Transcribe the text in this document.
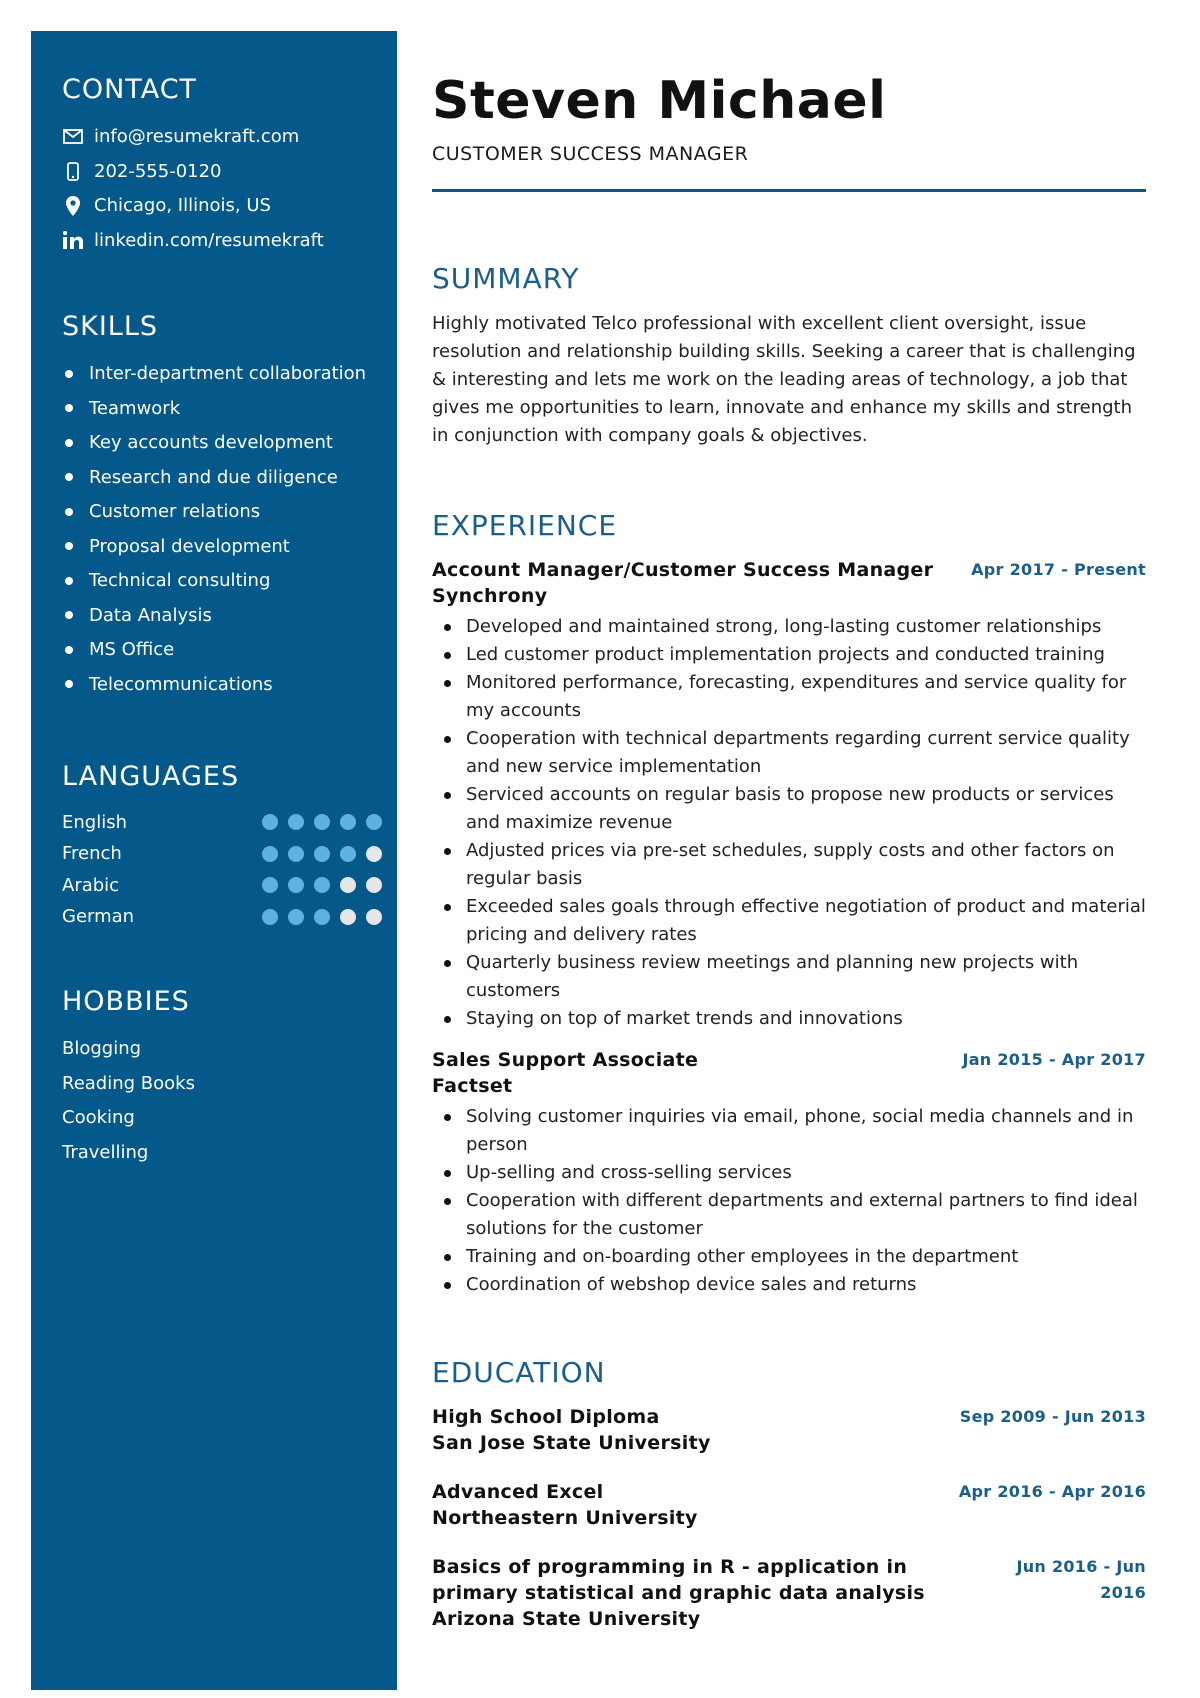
CONTACT
info@resumekraft.com
202-555-0120
Chicago, Illinois, US
linkedin.com/resumekraft
SKILLS
Inter-department collaboration
Teamwork
Key accounts development
Research and due diligence
Customer relations
Proposal development
Technical consulting
Data Analysis
MS Office
Telecommunications
LANGUAGES
English
French
Arabic
German
HOBBIES
Blogging
Reading Books
Cooking
Travelling
Steven Michael
CUSTOMER SUCCESS MANAGER
SUMMARY

Highly motivated Telco professional with excellent client oversight, issue resolution and relationship building skills. Seeking a career that is challenging & interesting and lets me work on the leading areas of technology, a job that gives me opportunities to learn, innovate and enhance my skills and strength in conjunction with company goals & objectives.

EXPERIENCE
Account Manager/Customer Success Manager Apr 2017 - Present
Synchrony
Developed and maintained strong, long-lasting customer relationships
Led customer product implementation projects and conducted training
Monitored performance, forecasting, expenditures and service quality for my accounts
Cooperation with technical departments regarding current service quality and new service implementation
Serviced accounts on regular basis to propose new products or services and maximize revenue
Adjusted prices via pre-set schedules, supply costs and other factors on regular basis
Exceeded sales goals through effective negotiation of product and material pricing and delivery rates
Quarterly business review meetings and planning new projects with customers
Staying on top of market trends and innovations
Sales Support Associate	Jan 2015 - Apr 2017
Factset
Solving customer inquiries via email, phone, social media channels and in person
Up-selling and cross-selling services
Cooperation with different departments and external partners to find ideal solutions for the customer
Training and on-boarding other employees in the department
Coordination of webshop device sales and returns
EDUCATION
High School Diploma	Sep 2009 - Jun 2013
San Jose State University
Advanced Excel	Apr 2016 - Apr 2016
Northeastern University
Basics of programming in R - application in primary statistical and graphic data analysis
Jun 2016 - Jun 2016
Arizona State University
